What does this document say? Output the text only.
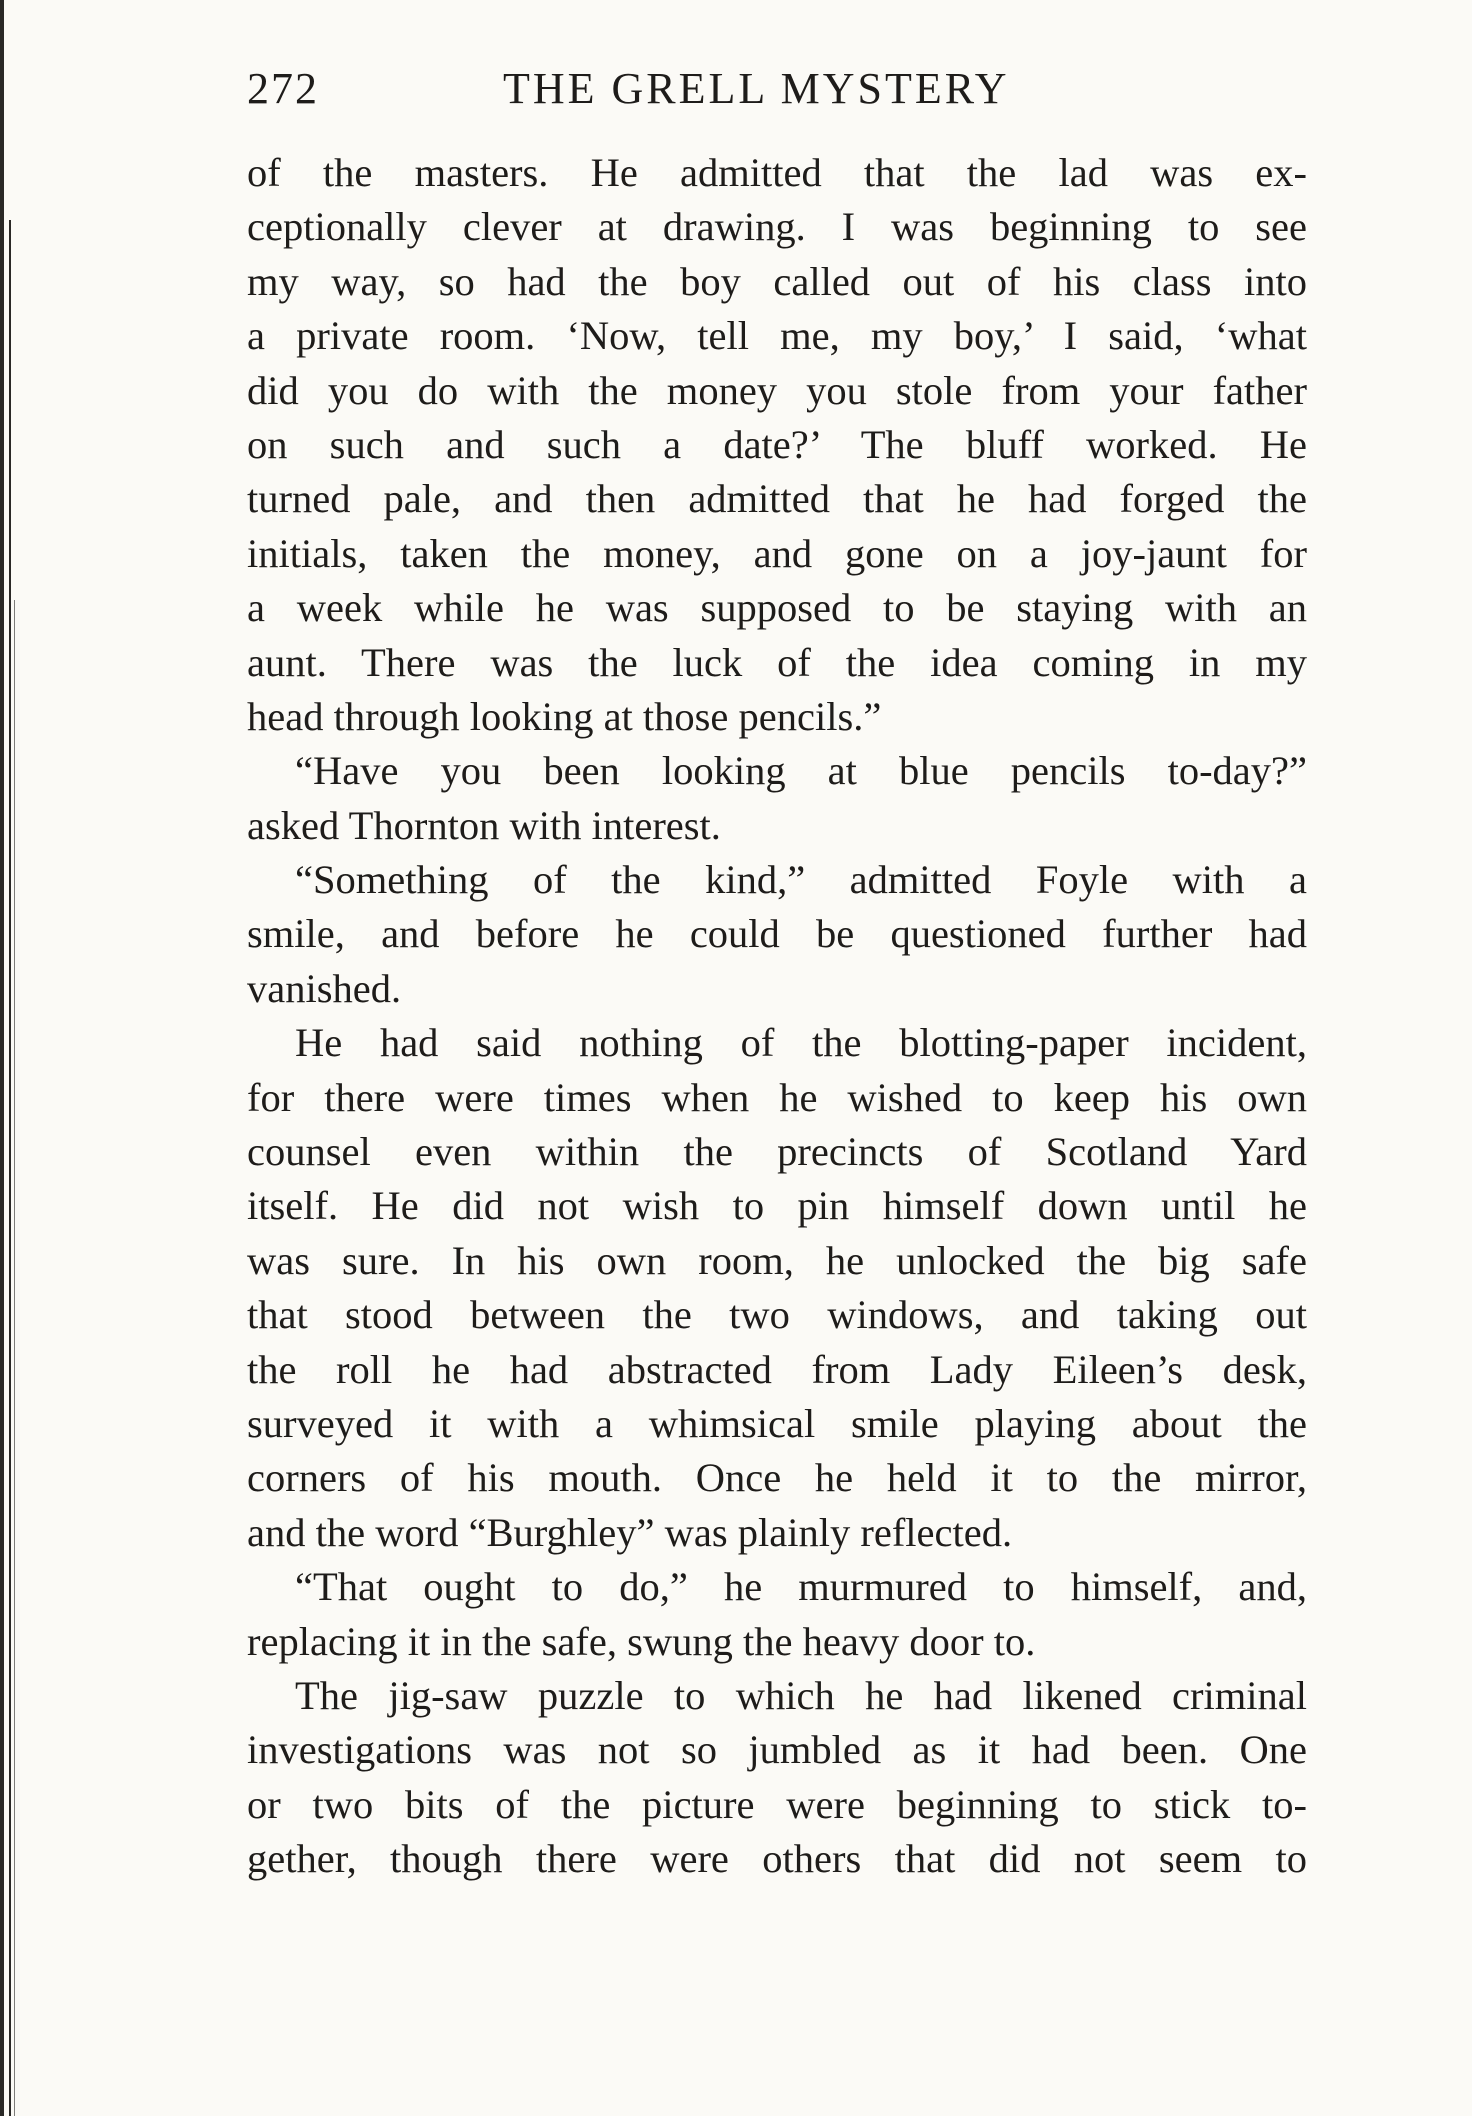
272	THE GRELL MYSTERY
of the masters. He admitted that the lad was ex-
ceptionally clever at drawing. I was beginning to see
my way, so had the boy called out of his class into
a private room. ‘Now, tell me, my boy,’ I said, ‘what
did you do with the money you stole from your father
on such and such a date?’ The bluff worked. He
turned pale, and then admitted that he had forged the
initials, taken the money, and gone on a joy-jaunt for
a week while he was supposed to be staying with an
aunt. There was the luck of the idea coming in my
head through looking at those pencils.”
“Have you been looking at blue pencils to-day?”
asked Thornton with interest.
“Something of the kind,” admitted Foyle with a
smile, and before he could be questioned further had
vanished.
He had said nothing of the blotting-paper incident,
for there were times when he wished to keep his own
counsel even within the precincts of Scotland Yard
itself. He did not wish to pin himself down until he
was sure. In his own room, he unlocked the big safe
that stood between the two windows, and taking out
the roll he had abstracted from Lady Eileen’s desk,
surveyed it with a whimsical smile playing about the
corners of his mouth. Once he held it to the mirror,
and the word “Burghley” was plainly reflected.
“That ought to do,” he murmured to himself, and,
replacing it in the safe, swung the heavy door to.
The jig-saw puzzle to which he had likened criminal
investigations was not so jumbled as it had been. One
or two bits of the picture were beginning to stick to-
gether, though there were others that did not seem to
